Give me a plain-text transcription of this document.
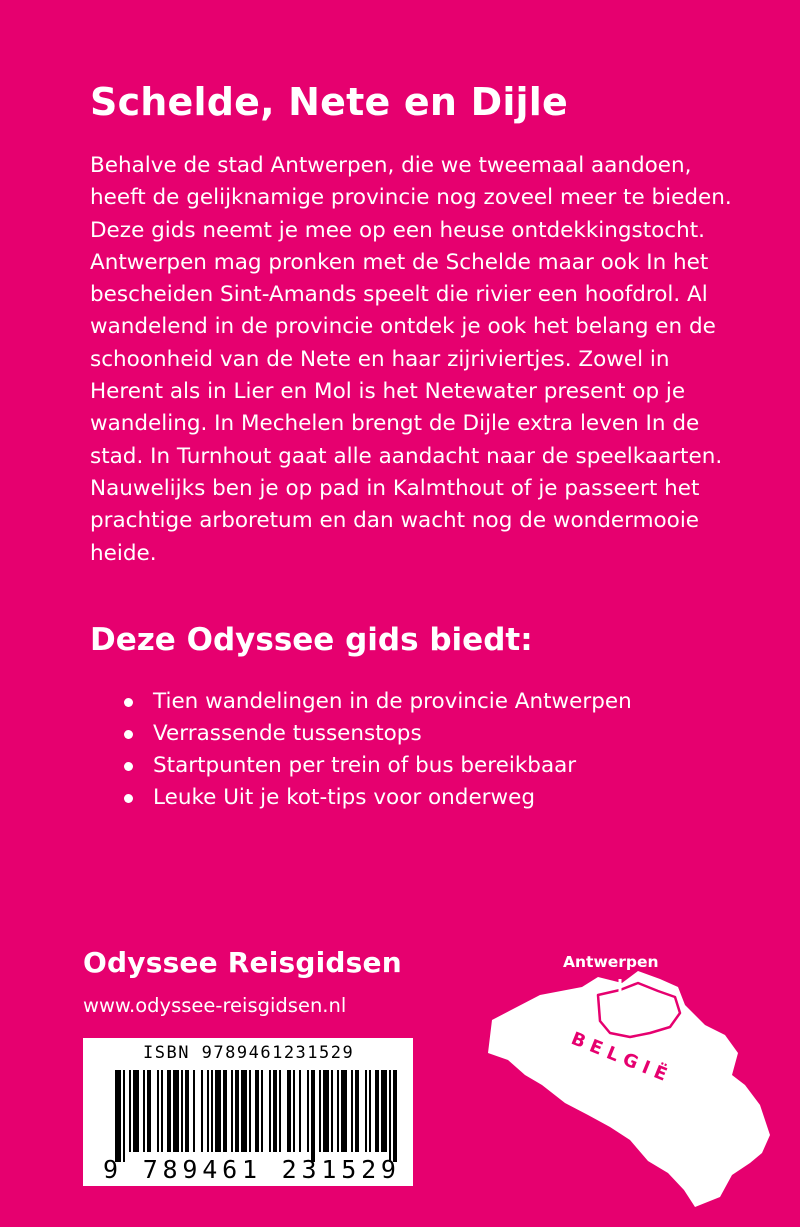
Schelde, Nete en Dijle

Behalve de stad Antwerpen, die we tweemaal aandoen, heeft de gelijknamige provincie nog zoveel meer te bieden. Deze gids neemt je mee op een heuse ontdekkingstocht.

Antwerpen mag pronken met de Schelde maar ook In het bescheiden Sint-Amands speelt die rivier een hoofdrol. Al wandelend in de provincie ontdek je ook het belang en de schoonheid van de Nete en haar zijriviertjes. Zowel in Herent als in Lier en Mol is het Netewater present op je wandeling. In Mechelen brengt de Dijle extra leven In de stad. In Turnhout gaat alle aandacht naar de speelkaarten. Nauwelijks ben je op pad in Kalmthout of je passeert het prachtige arboretum en dan wacht nog de wondermooie heide.

Deze Odyssee gids biedt:
Tien wandelingen in de provincie Antwerpen
Verrassende tussenstops
Startpunten per trein of bus bereikbaar
Leuke Uit je kot-tips voor onderweg
Odyssee Reisgidsen
www.odyssee-reisgidsen.nl
ISBN 9789461231529
9 789461 231529
BELGIË
Antwerpen
